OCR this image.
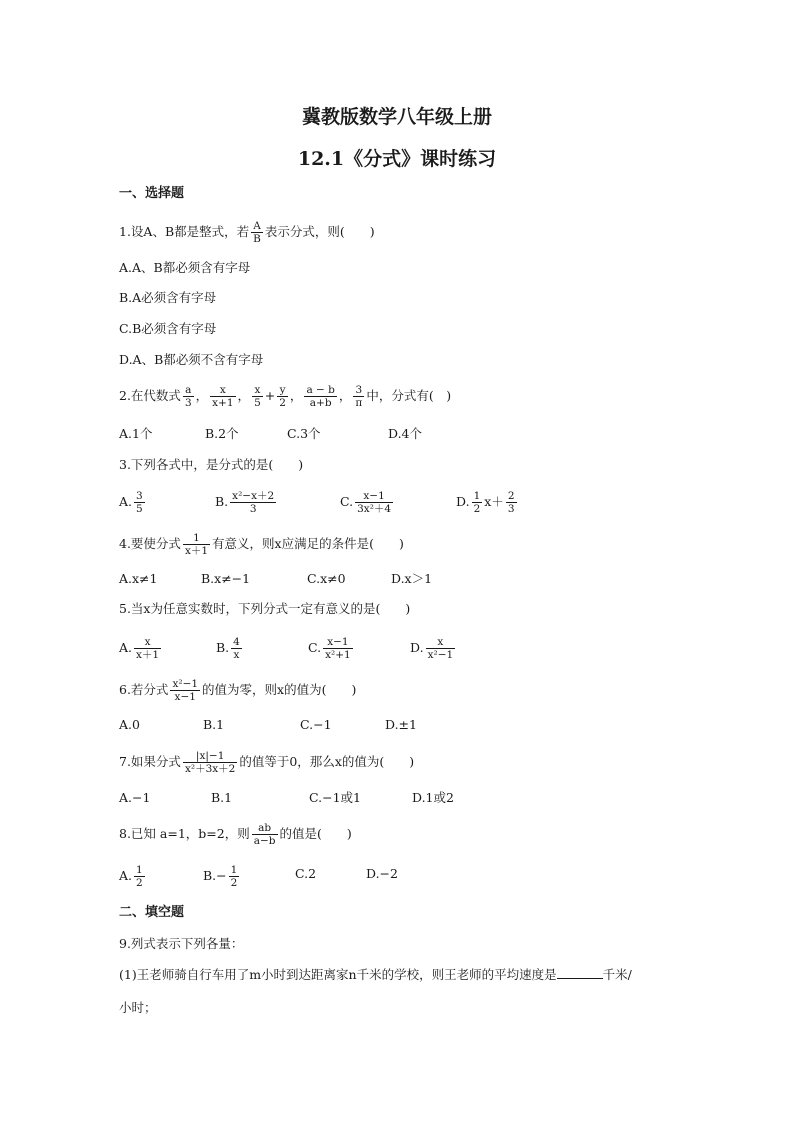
冀教版数学八年级上册
12.1《分式》课时练习
一、选择题
1.设A、B都是整式，若 $\frac{A}{B}$ 表示分式，则(　　)
A.A、B都必须含有字母
B.A必须含有字母
C.B必须含有字母
D.A、B都必须不含有字母
2.在代数式 $\frac{a}{3}$ ， $\frac{x}{x+1}$ ， $\frac{x}{5} + \frac{y}{2}$ ， $\frac{a - b}{a+b}$ ， $\frac{3}{\pi}$ 中，分式有(　)
A.1个	B.2个	C.3个	D.4个
3.下列各式中，是分式的是(　　)
A. $\frac{3}{5}$	B. $\frac{\text{x²−x＋2}}{3}$	C. $\frac{x-1}{\text{3x²＋4}}$	D. $\frac{1}{2} x+ \frac{2}{3}$
4.要使分式 $\frac{1}{x+1}$ 有意义，则x应满足的条件是(　　)
A.x≠1	B.x≠−1	C.x≠0	D.x＞1
5.当x为任意实数时，下列分式一定有意义的是(　　)
A. $\frac{x}{x+1}$	B. $\frac{4}{x}$	C. $\frac{x-1}{\text{x²+1}}$	D. $\frac{x}{\text{x²−1}}$
6.若分式 $\frac{\text{x²−1}}{x-1}$ 的值为零，则x的值为(　　)
A.0	B.1	C.−1	D.±1
7.如果分式 $\frac{|x|-1}{\text{x²＋3x＋2}}$ 的值等于0，那么x的值为(　　)
A.−1	B.1	C.−1或1	D.1或2
8.已知 a=1，b=2，则 $\frac{ab}{a-b}$ 的值是(　　)
A. $\frac{1}{2}$	$B.- \frac{1}{2}$	C.2	D.−2
二、填空题
9.列式表示下列各量：
(1)王老师骑自行车用了m小时到达距离家n千米的学校，则王老师的平均速度是	千米/
小时；
